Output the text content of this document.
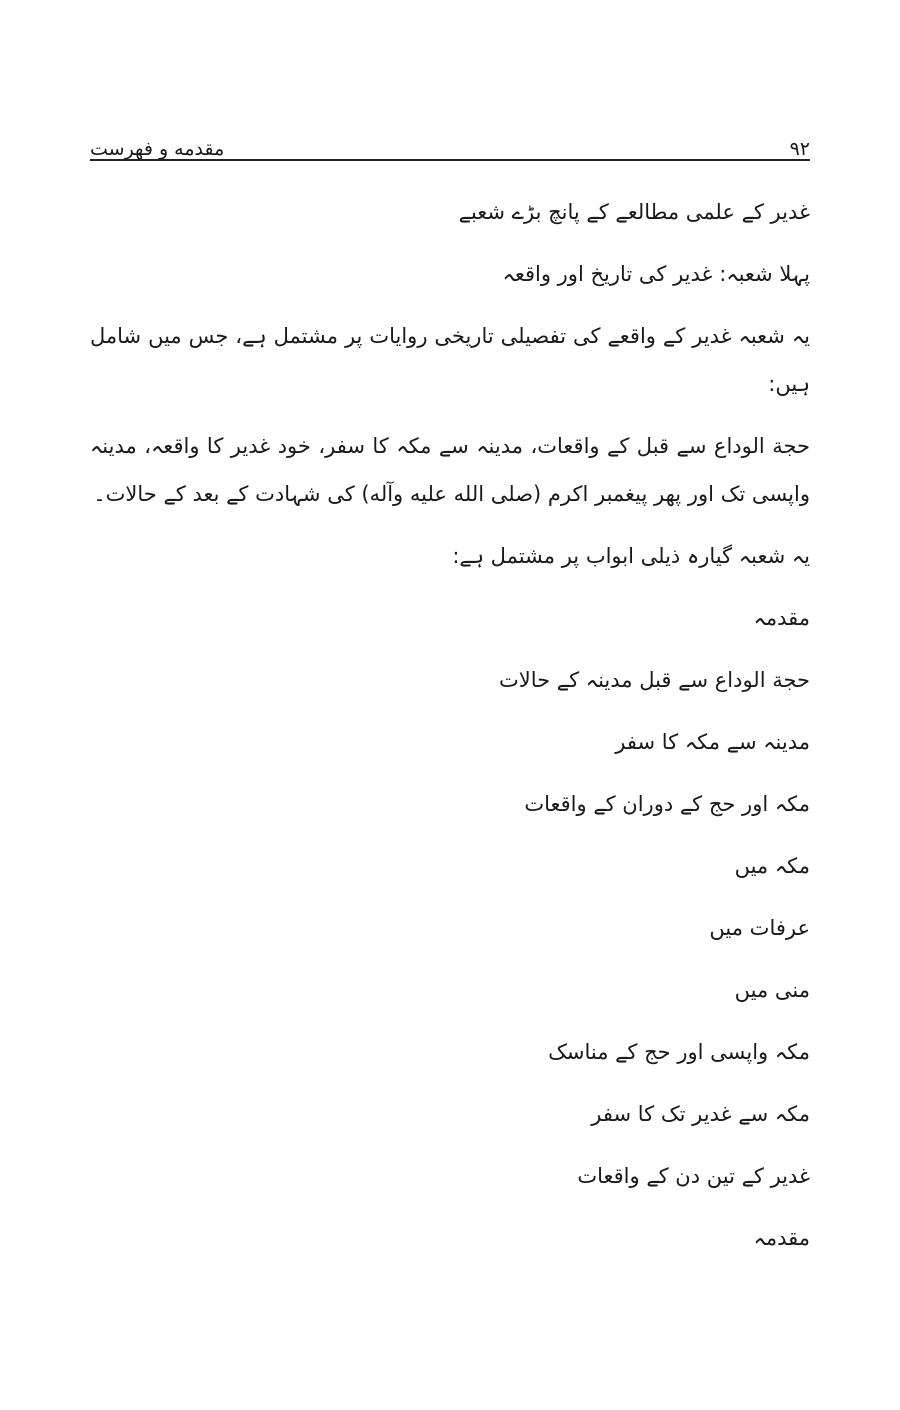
۹۲
مقدمه و فهرست

غدیر کے علمی مطالعے کے پانچ بڑے شعبے

پہلا شعبہ: غدیر کی تاریخ اور واقعہ

یہ شعبہ غدیر کے واقعے کی تفصیلی تاریخی روایات پر مشتمل ہے، جس میں شامل ہیں:

حجة الوداع سے قبل کے واقعات، مدینہ سے مکہ کا سفر، خود غدیر کا واقعہ، مدینہ واپسی تک اور پھر پیغمبر اکرم (صلی الله علیه وآله) کی شہادت کے بعد کے حالات۔

یہ شعبہ گیارہ ذیلی ابواب پر مشتمل ہے:

مقدمہ

حجة الوداع سے قبل مدینہ کے حالات

مدینہ سے مکہ کا سفر

مکہ اور حج کے دوران کے واقعات

مکہ میں

عرفات میں

منی میں

مکہ واپسی اور حج کے مناسک

مکہ سے غدیر تک کا سفر

غدیر کے تین دن کے واقعات

مقدمہ
